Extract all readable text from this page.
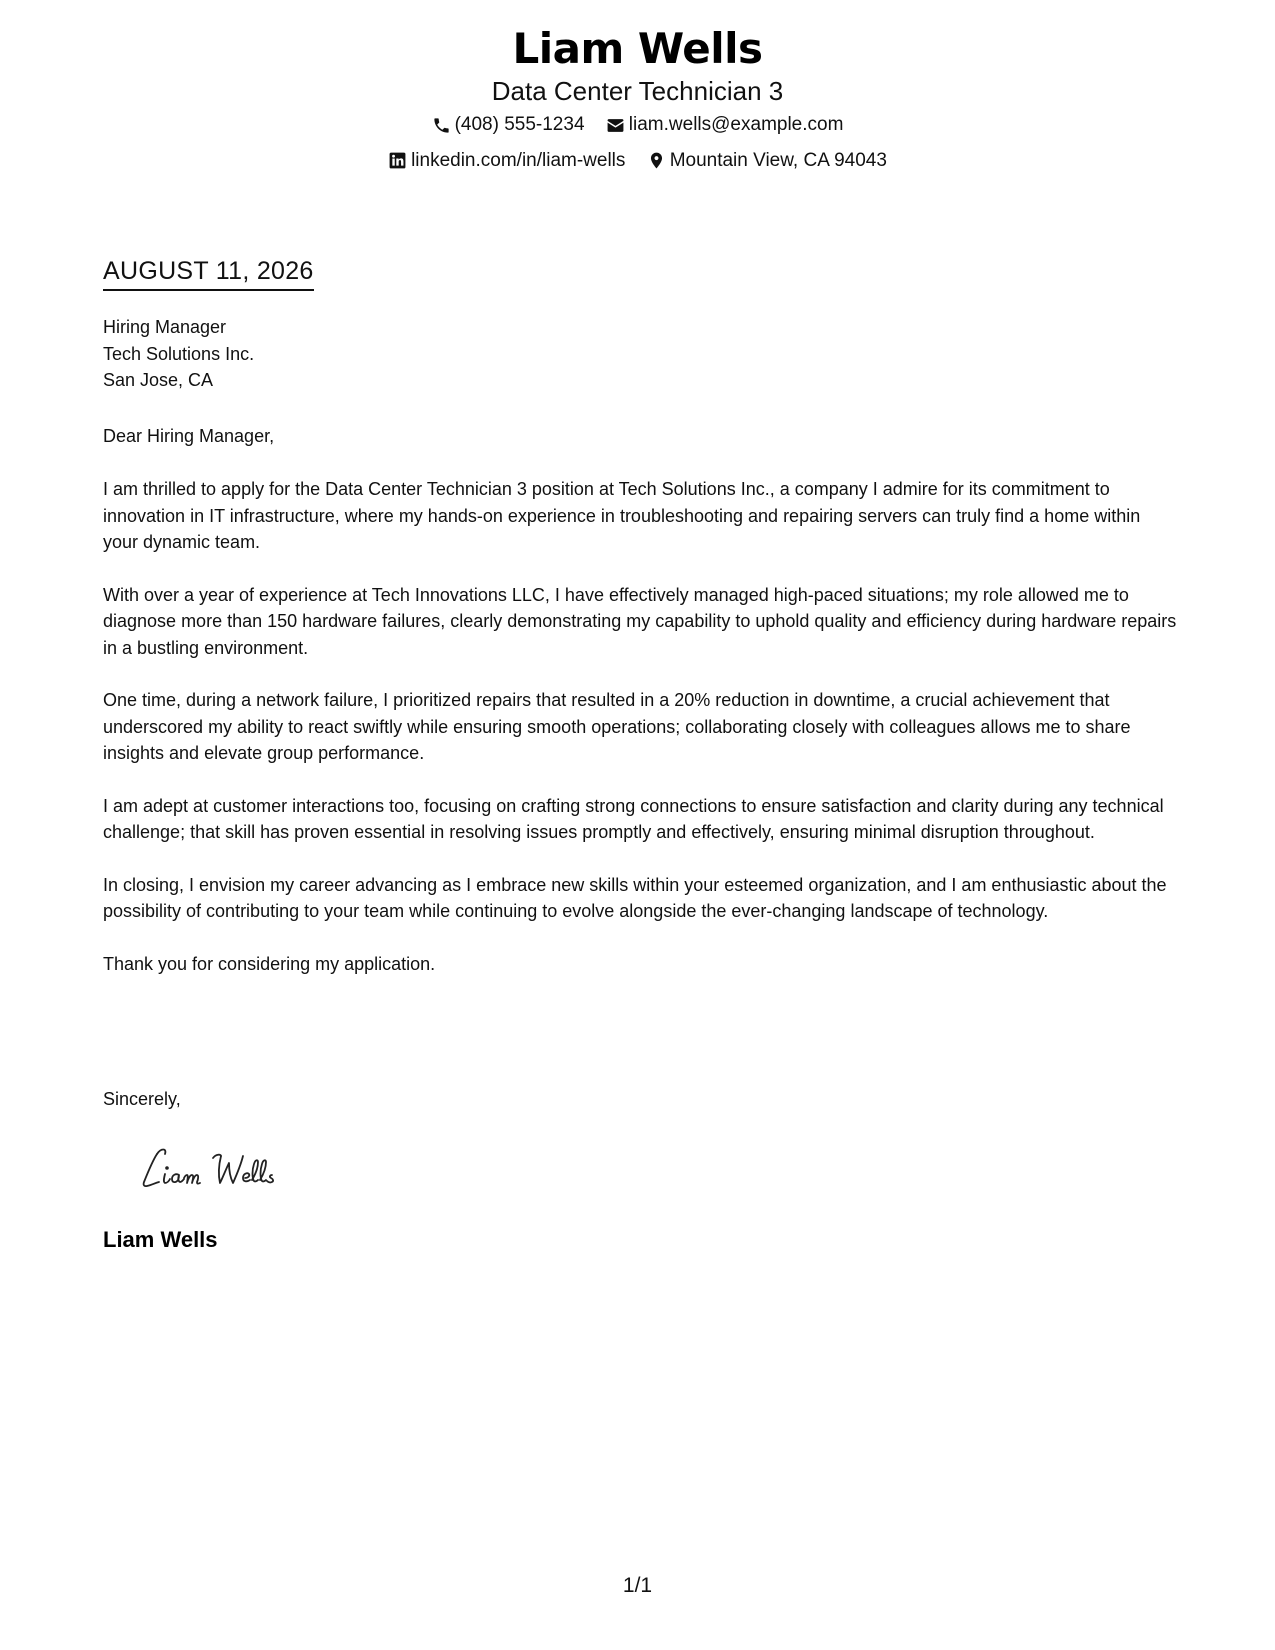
Liam Wells
Data Center Technician 3
(408) 555-1234
liam.wells@example.com
linkedin.com/in/liam-wells
Mountain View, CA 94043
AUGUST 11, 2026
Hiring Manager
Tech Solutions Inc.
San Jose, CA
Dear Hiring Manager,

I am thrilled to apply for the Data Center Technician 3 position at Tech Solutions Inc., a company I admire for its commitment to innovation in IT infrastructure, where my hands-on experience in troubleshooting and repairing servers can truly find a home within your dynamic team.

With over a year of experience at Tech Innovations LLC, I have effectively managed high-paced situations; my role allowed me to diagnose more than 150 hardware failures, clearly demonstrating my capability to uphold quality and efficiency during hardware repairs in a bustling environment.

One time, during a network failure, I prioritized repairs that resulted in a 20% reduction in downtime, a crucial achievement that underscored my ability to react swiftly while ensuring smooth operations; collaborating closely with colleagues allows me to share insights and elevate group performance.

I am adept at customer interactions too, focusing on crafting strong connections to ensure satisfaction and clarity during any technical challenge; that skill has proven essential in resolving issues promptly and effectively, ensuring minimal disruption throughout.

In closing, I envision my career advancing as I embrace new skills within your esteemed organization, and I am enthusiastic about the possibility of contributing to your team while continuing to evolve alongside the ever-changing landscape of technology.

Thank you for considering my application.

Sincerely,
Liam Wells
1/1
